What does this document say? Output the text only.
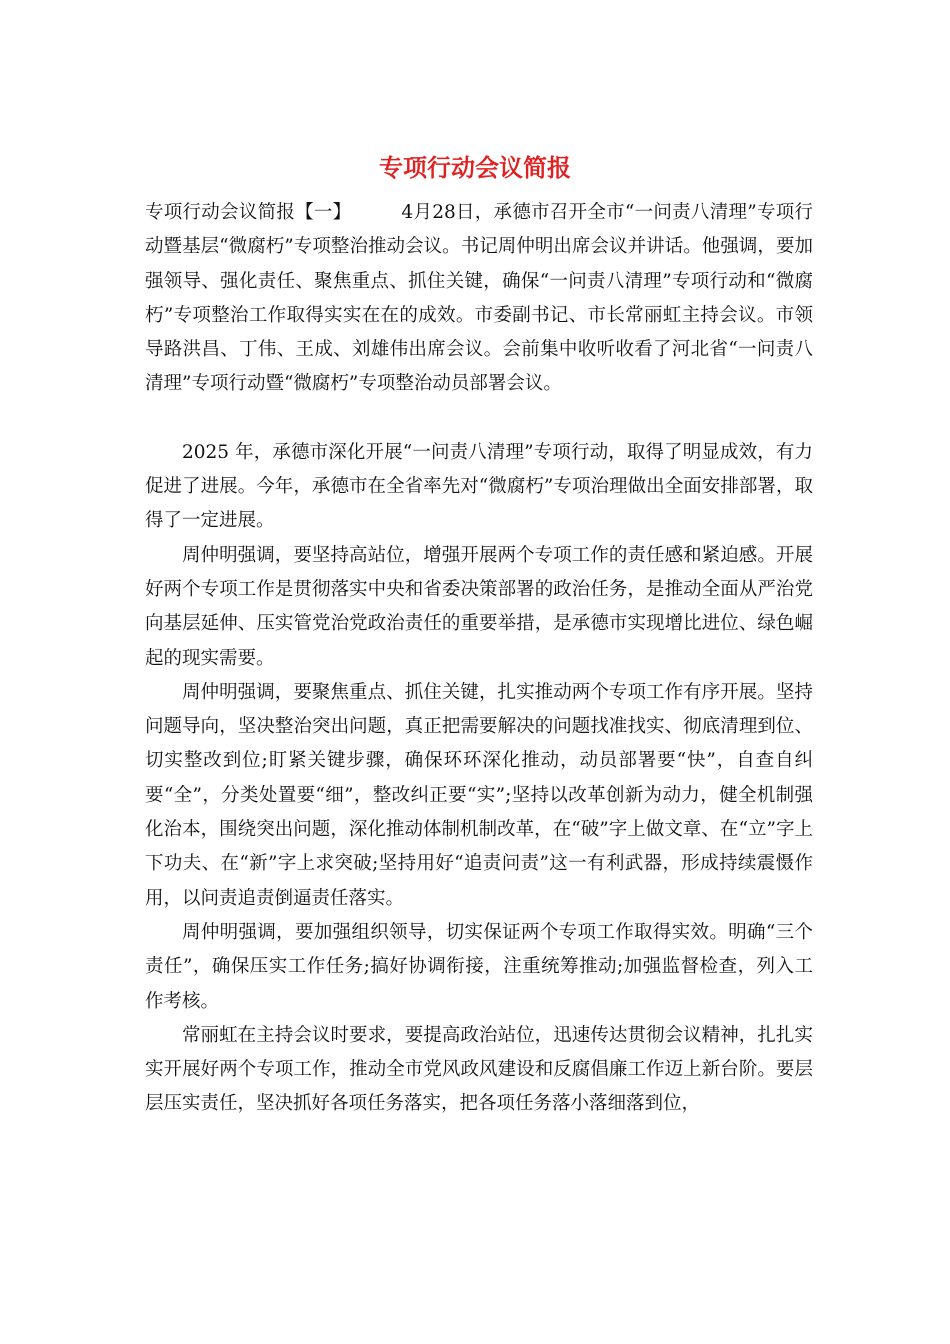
专项行动会议简报

专项行动会议简报【一】	4月28日，承德市召开全市“一问责八清理”专项行动暨基层“微腐朽”专项整治推动会议。书记周仲明出席会议并讲话。他强调，要加强领导、强化责任、聚焦重点、抓住关键，确保“一问责八清理”专项行动和“微腐朽”专项整治工作取得实实在在的成效。市委副书记、市长常丽虹主持会议。市领导路洪昌、丁伟、王成、刘雄伟出席会议。会前集中收听收看了河北省“一问责八清理”专项行动暨“微腐朽”专项整治动员部署会议。

2025 年，承德市深化开展“一问责八清理”专项行动，取得了明显成效，有力促进了进展。今年，承德市在全省率先对“微腐朽”专项治理做出全面安排部署，取得了一定进展。

周仲明强调，要坚持高站位，增强开展两个专项工作的责任感和紧迫感。开展好两个专项工作是贯彻落实中央和省委决策部署的政治任务，是推动全面从严治党向基层延伸、压实管党治党政治责任的重要举措，是承德市实现增比进位、绿色崛起的现实需要。

周仲明强调，要聚焦重点、抓住关键，扎实推动两个专项工作有序开展。坚持问题导向，坚决整治突出问题，真正把需要解决的问题找准找实、彻底清理到位、切实整改到位;盯紧关键步骤，确保环环深化推动，动员部署要“快”，自查自纠要“全”，分类处置要“细”，整改纠正要“实”;坚持以改革创新为动力，健全机制强化治本，围绕突出问题，深化推动体制机制改革，在“破”字上做文章、在“立”字上下功夫、在“新”字上求突破;坚持用好“追责问责”这一有利武器，形成持续震慑作用，以问责追责倒逼责任落实。

周仲明强调，要加强组织领导，切实保证两个专项工作取得实效。明确“三个责任”，确保压实工作任务;搞好协调衔接，注重统筹推动;加强监督检查，列入工作考核。

常丽虹在主持会议时要求，要提高政治站位，迅速传达贯彻会议精神，扎扎实实开展好两个专项工作，推动全市党风政风建设和反腐倡廉工作迈上新台阶。要层层压实责任，坚决抓好各项任务落实，把各项任务落小落细落到位，
